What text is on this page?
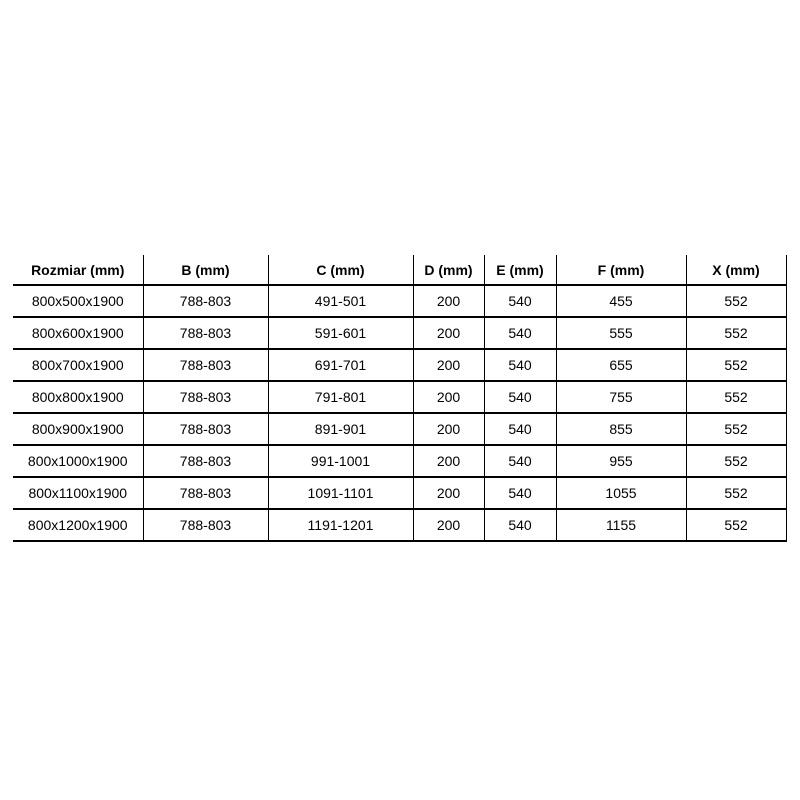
Rozmiar (mm)	B (mm)	C (mm)	D (mm)	E (mm)	F (mm)	X (mm)
800x500x1900	788-803	491-501	200	540	455	552
800x600x1900	788-803	591-601	200	540	555	552
800x700x1900	788-803	691-701	200	540	655	552
800x800x1900	788-803	791-801	200	540	755	552
800x900x1900	788-803	891-901	200	540	855	552
800x1000x1900	788-803	991-1001	200	540	955	552
800x1100x1900	788-803	1091-1101	200	540	1055	552
800x1200x1900	788-803	1191-1201	200	540	1155	552
